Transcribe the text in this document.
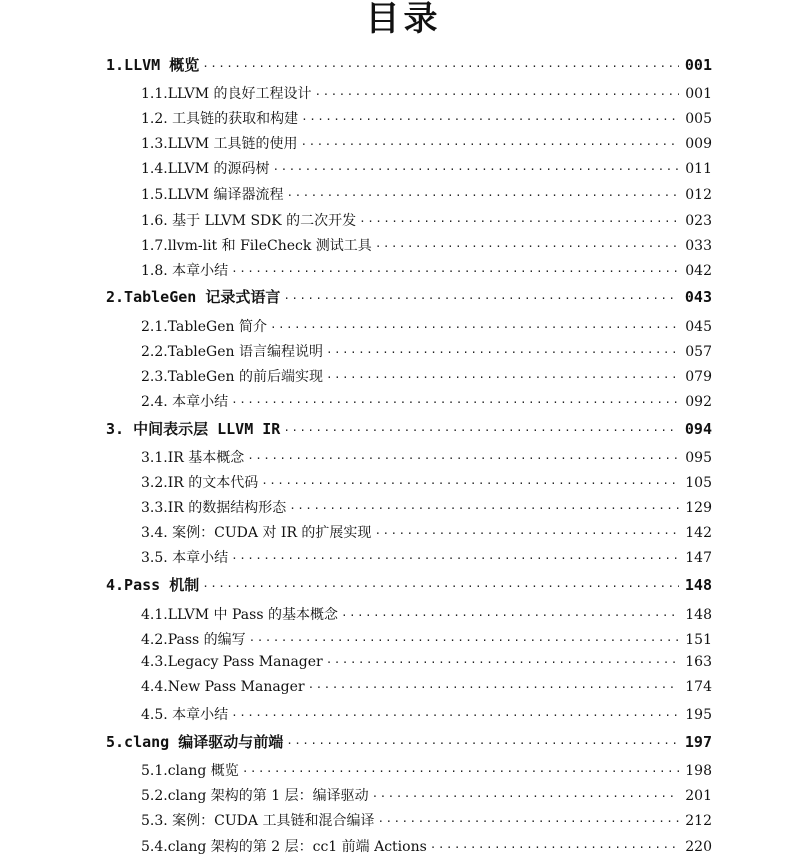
目录
1.LLVM 概览 ·····	001
1.1.LLVM 的良好工程设计 ·····	001
1.2. 工具链的获取和构建 ·····	005
1.3.LLVM 工具链的使用 ·····	009
1.4.LLVM 的源码树 ·····	011
1.5.LLVM 编译器流程 ·····	012
1.6. 基于 LLVM SDK 的二次开发 ·····	023
1.7.llvm-lit 和 FileCheck 测试工具 ·····	033
1.8. 本章小结 ·····	042
2.TableGen 记录式语言 ·····	043
2.1.TableGen 简介 ·····	045
2.2.TableGen 语言编程说明 ·····	057
2.3.TableGen 的前后端实现 ·····	079
2.4. 本章小结 ·····	092
3. 中间表示层 LLVM IR ·····	094
3.1.IR 基本概念 ·····	095
3.2.IR 的文本代码 ·····	105
3.3.IR 的数据结构形态 ·····	129
3.4. 案例：CUDA 对 IR 的扩展实现 ·····	142
3.5. 本章小结 ·····	147
4.Pass 机制 ·····	148
4.1.LLVM 中 Pass 的基本概念 ·····	148
4.2.Pass 的编写 ·····	151
4.3.Legacy Pass Manager ·····	163
4.4.New Pass Manager ·····	174
4.5. 本章小结 ·····	195
5.clang 编译驱动与前端 ·····	197
5.1.clang 概览 ·····	198
5.2.clang 架构的第 1 层：编译驱动 ·····	201
5.3. 案例：CUDA 工具链和混合编译 ·····	212
5.4.clang 架构的第 2 层：cc1 前端 Actions ·····	220
